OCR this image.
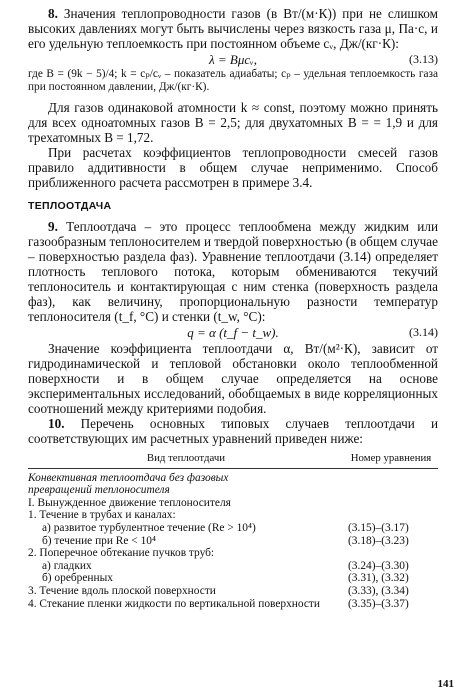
8. Значения теплопроводности газов (в Вт/(м·К)) при не слишком высоких давлениях могут быть вычислены через вязкость газа μ, Па·с, и его удельную теплоемкость при постоянном объеме cᵥ, Дж/(кг·К):

λ = Bμcᵥ,	(3.13)

где B = (9k − 5)/4; k = cₚ/cᵥ – показатель адиабаты; cₚ – удельная теплоемкость газа при постоянном давлении, Дж/(кг·К).

Для газов одинаковой атомности k ≈ const, поэтому можно принять для всех одноатомных газов B = 2,5; для двухатомных B = = 1,9 и для трехатомных B = 1,72.

При расчетах коэффициентов теплопроводности смесей газов правило аддитивности в общем случае неприменимо. Способ приближенного расчета рассмотрен в примере 3.4.

ТЕПЛООТДАЧА

9. Теплоотдача – это процесс теплообмена между жидким или газообразным теплоносителем и твердой поверхностью (в общем случае – поверхностью раздела фаз). Уравнение теплоотдачи (3.14) определяет плотность теплового потока, которым обмениваются текучий теплоноситель и контактирующая с ним стенка (поверхность раздела фаз), как величину, пропорциональную разности температур теплоносителя (t_f, °С) и стенки (t_w, °С):

q = α (t_f − t_w).	(3.14)

Значение коэффициента теплоотдачи α, Вт/(м²·К), зависит от гидродинамической и тепловой обстановки около теплообменной поверхности и в общем случае определяется на основе экспериментальных исследований, обобщаемых в виде корреляционных соотношений между критериями подобия.

10. Перечень основных типовых случаев теплоотдачи и соответствующих им расчетных уравнений приведен ниже:

Вид теплоотдачи	Номер уравнения
Конвективная теплоотдача без фазовых превращений теплоносителя	
I. Вынужденное движение теплоносителя	
1. Течение в трубах и каналах:	
а) развитое турбулентное течение (Re > 10⁴)	(3.15)–(3.17)
б) течение при Re < 10⁴	(3.18)–(3.23)
2. Поперечное обтекание пучков труб:	
а) гладких	(3.24)–(3.30)
б) оребренных	(3.31), (3.32)
3. Течение вдоль плоской поверхности	(3.33), (3.34)
4. Стекание пленки жидкости по вертикальной поверхности	(3.35)–(3.37)
141
